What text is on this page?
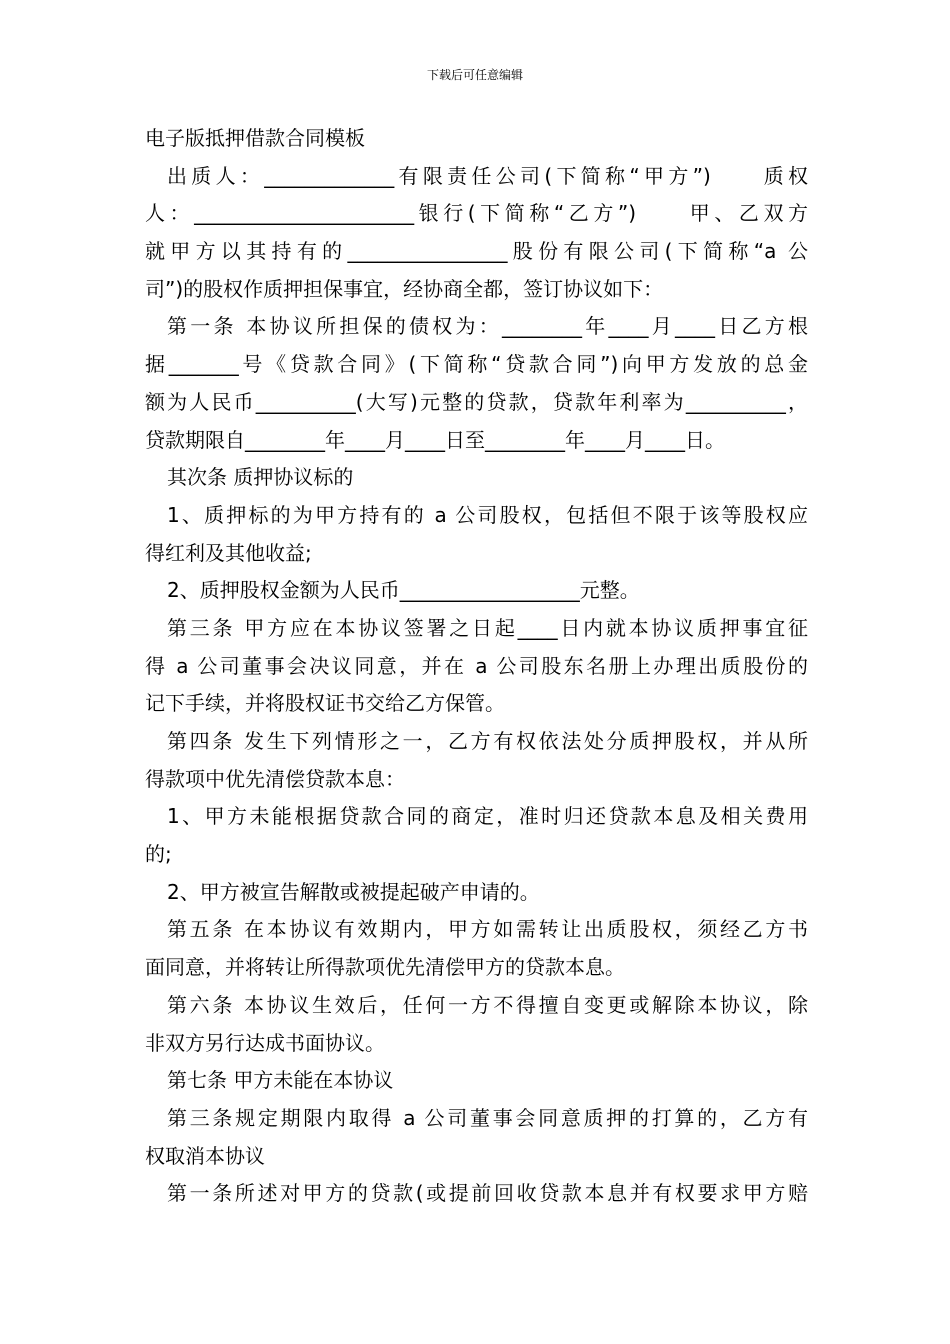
下载后可任意编辑
电子版抵押借款合同模板
出质人：_____________有限责任公司(下简称“甲方”)　　质权
人：______________________银行(下简称“乙方”)　　甲、乙双方
就甲方以其持有的________________股份有限公司(下简称“a 公
司”)的股权作质押担保事宜，经协商全都，签订协议如下：
第一条 本协议所担保的债权为：________年____月____日乙方根
据_______号《贷款合同》(下简称“贷款合同”)向甲方发放的总金
额为人民币__________(大写)元整的贷款，贷款年利率为__________，
贷款期限自________年____月____日至________年____月____日。
其次条 质押协议标的
1、质押标的为甲方持有的 a 公司股权，包括但不限于该等股权应
得红利及其他收益;
2、质押股权金额为人民币__________________元整。
第三条 甲方应在本协议签署之日起____日内就本协议质押事宜征
得 a 公司董事会决议同意，并在 a 公司股东名册上办理出质股份的
记下手续，并将股权证书交给乙方保管。
第四条 发生下列情形之一，乙方有权依法处分质押股权，并从所
得款项中优先清偿贷款本息：
1、甲方未能根据贷款合同的商定，准时归还贷款本息及相关费用
的;
2、甲方被宣告解散或被提起破产申请的。
第五条 在本协议有效期内，甲方如需转让出质股权，须经乙方书
面同意，并将转让所得款项优先清偿甲方的贷款本息。
第六条 本协议生效后，任何一方不得擅自变更或解除本协议，除
非双方另行达成书面协议。
第七条 甲方未能在本协议
第三条规定期限内取得 a 公司董事会同意质押的打算的，乙方有
权取消本协议
第一条所述对甲方的贷款(或提前回收贷款本息并有权要求甲方赔
